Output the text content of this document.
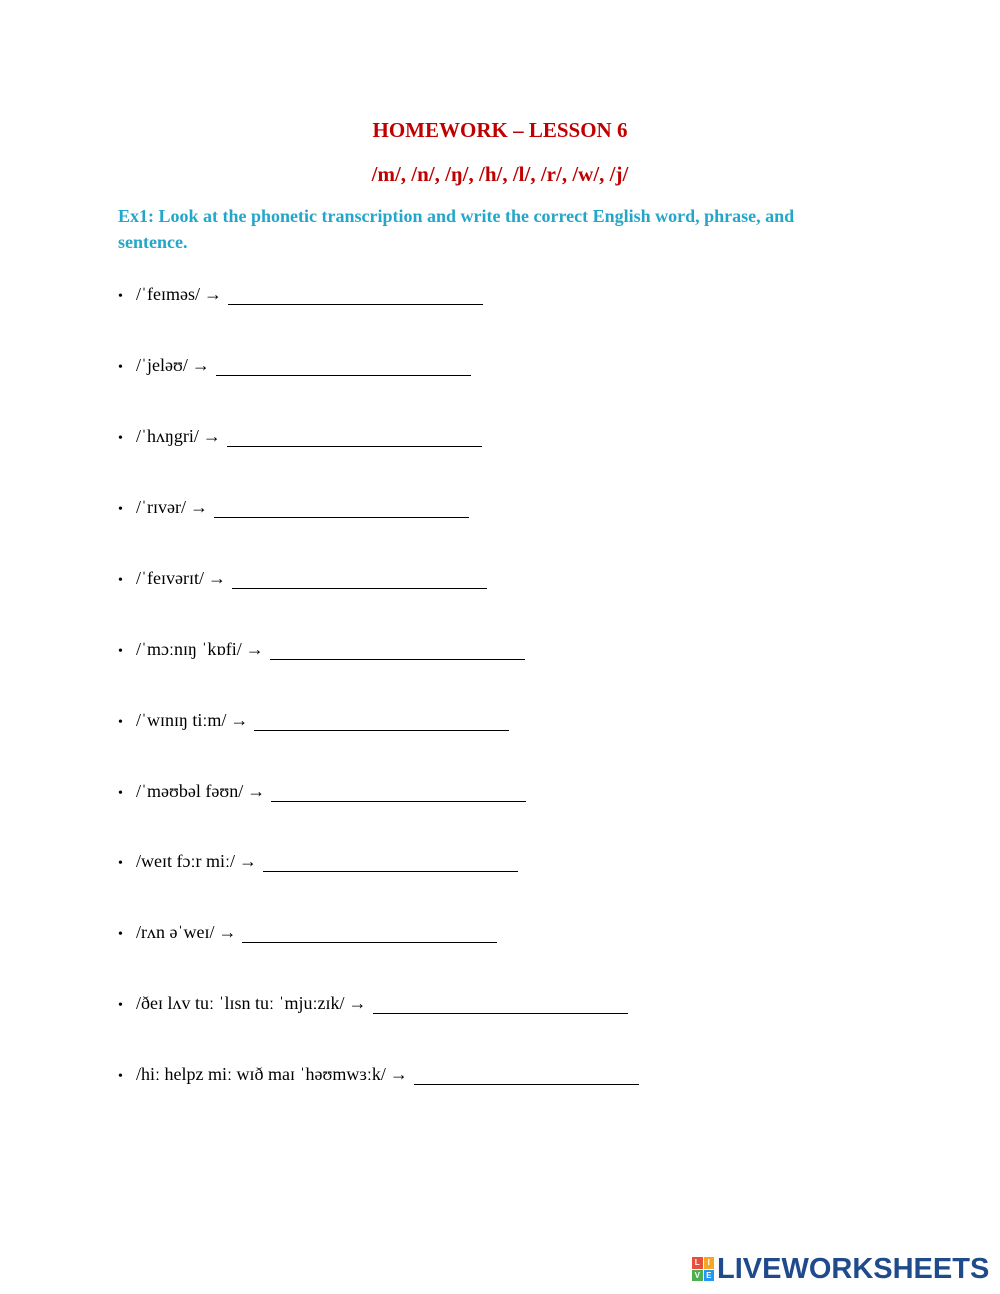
HOMEWORK – LESSON 6
/m/, /n/, /ŋ/, /h/, /l/, /r/, /w/, /j/

Ex1: Look at the phonetic transcription and write the correct English word, phrase, and sentence.

• /ˈfeɪməs/ →
• /ˈjeləʊ/ →
• /ˈhʌŋgri/ →
• /ˈrɪvər/ →
• /ˈfeɪvərɪt/ →
• /ˈmɔːnɪŋ ˈkɒfi/ →
• /ˈwɪnɪŋ tiːm/ →
• /ˈməʊbəl fəʊn/ →
• /weɪt fɔːr miː/ →
• /rʌn əˈweɪ/ →
• /ðeɪ lʌv tuː ˈlɪsn tuː ˈmjuːzɪk/ →
• /hiː helpz miː wɪð maɪ ˈhəʊmwɜːk/ →
L I
V E LIVEWORKSHEETS
